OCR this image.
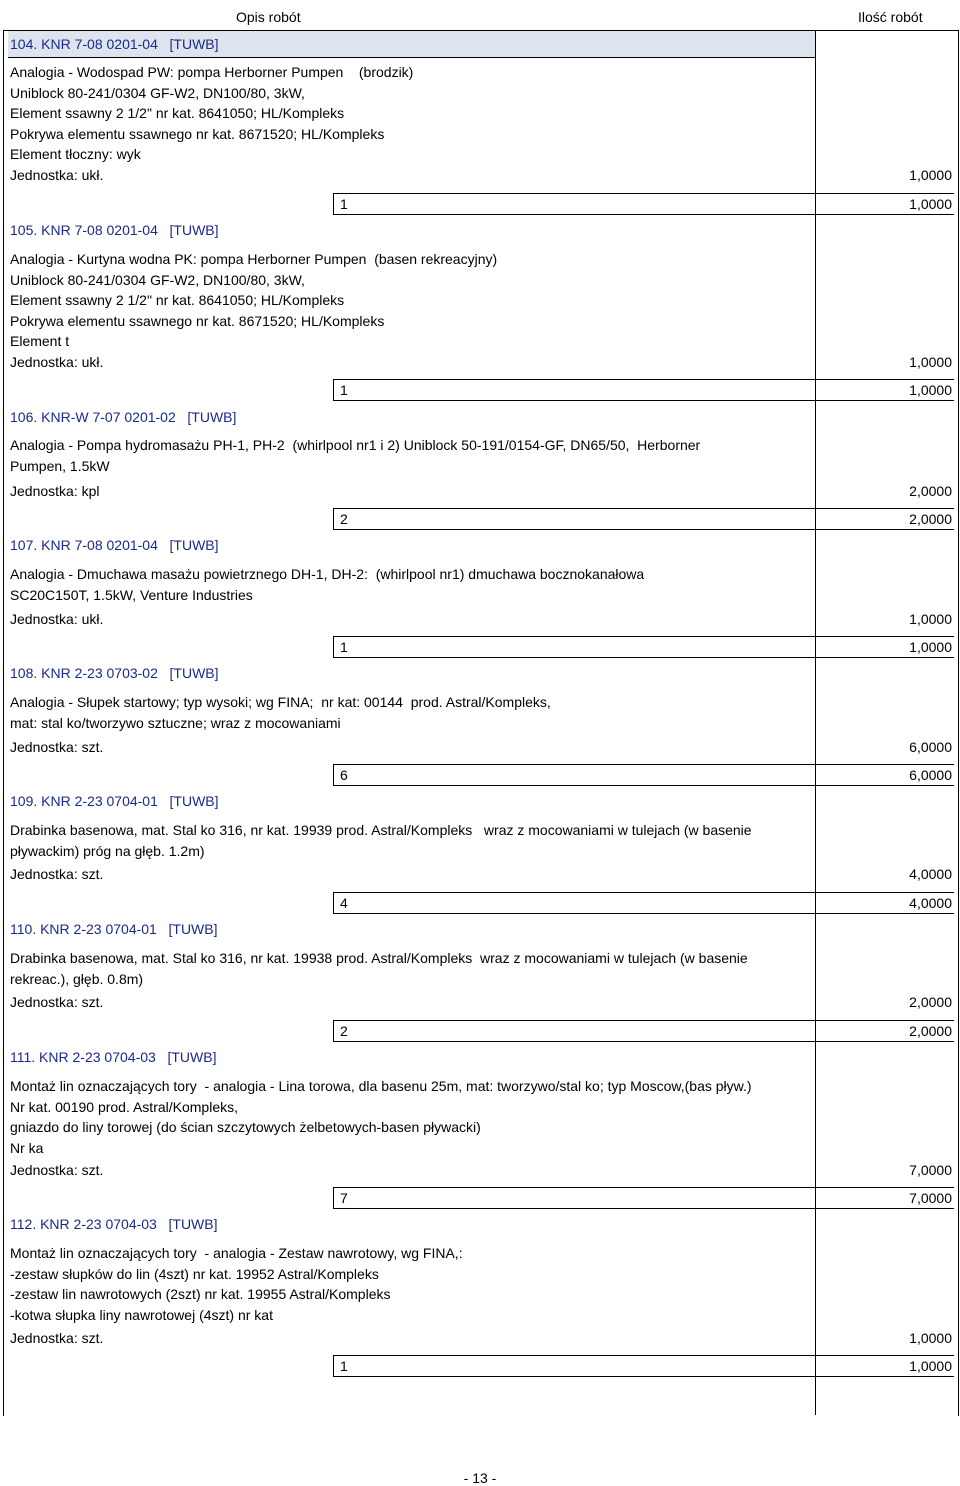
Opis robót	Ilość robót
104. KNR 7-08 0201-04   [TUWB]
Analogia - Wodospad PW: pompa Herborner Pumpen    (brodzik)
Uniblock 80-241/0304 GF-W2, DN100/80, 3kW,
Element ssawny 2 1/2" nr kat. 8641050; HL/Kompleks
Pokrywa elementu ssawnego nr kat. 8671520; HL/Kompleks
Element tłoczny: wyk
Jednostka: ukł.	1,0000
1	1,0000
105. KNR 7-08 0201-04   [TUWB]
Analogia - Kurtyna wodna PK: pompa Herborner Pumpen  (basen rekreacyjny)
Uniblock 80-241/0304 GF-W2, DN100/80, 3kW,
Element ssawny 2 1/2" nr kat. 8641050; HL/Kompleks
Pokrywa elementu ssawnego nr kat. 8671520; HL/Kompleks
Element t
Jednostka: ukł.	1,0000
1	1,0000
106. KNR-W 7-07 0201-02   [TUWB]
Analogia - Pompa hydromasażu PH-1, PH-2  (whirlpool nr1 i 2) Uniblock 50-191/0154-GF, DN65/50,  Herborner
Pumpen, 1.5kW
Jednostka: kpl	2,0000
2	2,0000
107. KNR 7-08 0201-04   [TUWB]
Analogia - Dmuchawa masażu powietrznego DH-1, DH-2:  (whirlpool nr1) dmuchawa bocznokanałowa
SC20C150T, 1.5kW, Venture Industries
Jednostka: ukł.	1,0000
1	1,0000
108. KNR 2-23 0703-02   [TUWB]
Analogia - Słupek startowy; typ wysoki; wg FINA;  nr kat: 00144  prod. Astral/Kompleks,
mat: stal ko/tworzywo sztuczne; wraz z mocowaniami
Jednostka: szt.	6,0000
6	6,0000
109. KNR 2-23 0704-01   [TUWB]
Drabinka basenowa, mat. Stal ko 316, nr kat. 19939 prod. Astral/Kompleks   wraz z mocowaniami w tulejach (w basenie
pływackim) próg na głęb. 1.2m)
Jednostka: szt.	4,0000
4	4,0000
110. KNR 2-23 0704-01   [TUWB]
Drabinka basenowa, mat. Stal ko 316, nr kat. 19938 prod. Astral/Kompleks  wraz z mocowaniami w tulejach (w basenie
rekreac.), głęb. 0.8m)
Jednostka: szt.	2,0000
2	2,0000
111. KNR 2-23 0704-03   [TUWB]
Montaż lin oznaczających tory  - analogia - Lina torowa, dla basenu 25m, mat: tworzywo/stal ko; typ Moscow,(bas pływ.)
Nr kat. 00190 prod. Astral/Kompleks,
gniazdo do liny torowej (do ścian szczytowych żelbetowych-basen pływacki)
Nr ka
Jednostka: szt.	7,0000
7	7,0000
112. KNR 2-23 0704-03   [TUWB]
Montaż lin oznaczających tory  - analogia - Zestaw nawrotowy, wg FINA,:
-zestaw słupków do lin (4szt) nr kat. 19952 Astral/Kompleks
-zestaw lin nawrotowych (2szt) nr kat. 19955 Astral/Kompleks
-kotwa słupka liny nawrotowej (4szt) nr kat
Jednostka: szt.	1,0000
1	1,0000
- 13 -
